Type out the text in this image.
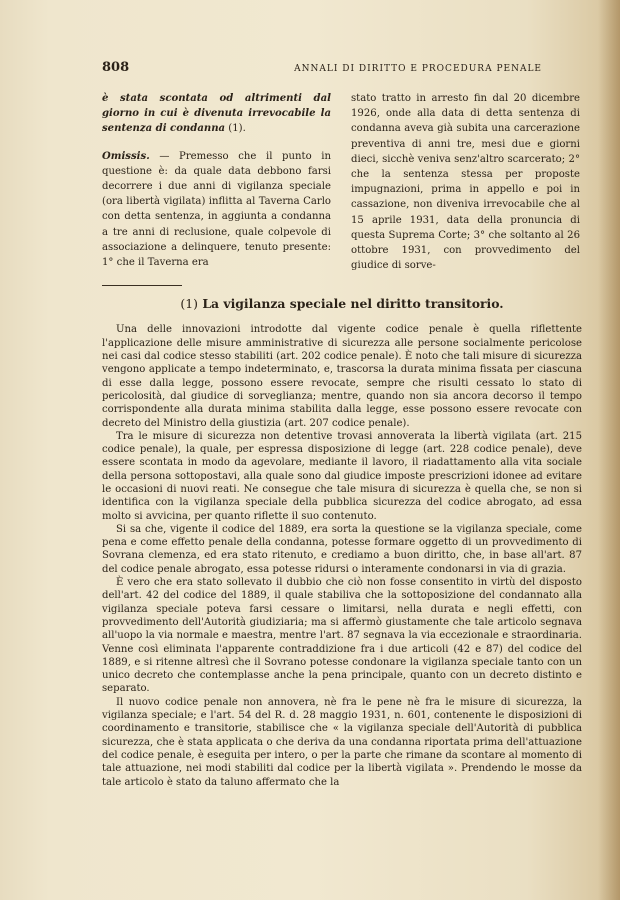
808	ANNALI DI DIRITTO E PROCEDURA PENALE

è stata scontata od altrimenti dal giorno in cui è divenuta irrevocabile la sentenza di condanna (1).

Omissis. — Premesso che il punto in questione è: da quale data debbono farsi decorrere i due anni di vigilanza speciale (ora libertà vigilata) inflitta al Taverna Carlo con detta sentenza, in aggiunta a condanna a tre anni di reclusione, quale colpevole di associazione a delinquere, tenuto presente: 1° che il Taverna era

stato tratto in arresto fin dal 20 dicembre 1926, onde alla data di detta sentenza di condanna aveva già subita una carcerazione preventiva di anni tre, mesi due e giorni dieci, sicchè veniva senz'altro scarcerato; 2° che la sentenza stessa per proposte impugnazioni, prima in appello e poi in cassazione, non diveniva irrevocabile che al 15 aprile 1931, data della pronuncia di questa Suprema Corte; 3° che soltanto al 26 ottobre 1931, con provvedimento del giudice di sorve-

(1) La vigilanza speciale nel diritto transitorio.

Una delle innovazioni introdotte dal vigente codice penale è quella riflettente l'applicazione delle misure amministrative di sicurezza alle persone socialmente pericolose nei casi dal codice stesso stabiliti (art. 202 codice penale). È noto che tali misure di sicurezza vengono applicate a tempo indeterminato, e, trascorsa la durata minima fissata per ciascuna di esse dalla legge, possono essere revocate, sempre che risulti cessato lo stato di pericolosità, dal giudice di sorveglianza; mentre, quando non sia ancora decorso il tempo corrispondente alla durata minima stabilita dalla legge, esse possono essere revocate con decreto del Ministro della giustizia (art. 207 codice penale).

Tra le misure di sicurezza non detentive trovasi annoverata la libertà vigilata (art. 215 codice penale), la quale, per espressa disposizione di legge (art. 228 codice penale), deve essere scontata in modo da agevolare, mediante il lavoro, il riadattamento alla vita sociale della persona sottopostavi, alla quale sono dal giudice imposte prescrizioni idonee ad evitare le occasioni di nuovi reati. Ne consegue che tale misura di sicurezza è quella che, se non si identifica con la vigilanza speciale della pubblica sicurezza del codice abrogato, ad essa molto si avvicina, per quanto riflette il suo contenuto.

Si sa che, vigente il codice del 1889, era sorta la questione se la vigilanza speciale, come pena e come effetto penale della condanna, potesse formare oggetto di un provvedimento di Sovrana clemenza, ed era stato ritenuto, e crediamo a buon diritto, che, in base all'art. 87 del codice penale abrogato, essa potesse ridursi o interamente condonarsi in via di grazia.

È vero che era stato sollevato il dubbio che ciò non fosse consentito in virtù del disposto dell'art. 42 del codice del 1889, il quale stabiliva che la sottoposizione del condannato alla vigilanza speciale poteva farsi cessare o limitarsi, nella durata e negli effetti, con provvedimento dell'Autorità giudiziaria; ma si affermò giustamente che tale articolo segnava all'uopo la via normale e maestra, mentre l'art. 87 segnava la via eccezionale e straordinaria. Venne così eliminata l'apparente contraddizione fra i due articoli (42 e 87) del codice del 1889, e si ritenne altresì che il Sovrano potesse condonare la vigilanza speciale tanto con un unico decreto che contemplasse anche la pena principale, quanto con un decreto distinto e separato.

Il nuovo codice penale non annovera, nè fra le pene nè fra le misure di sicurezza, la vigilanza speciale; e l'art. 54 del R. d. 28 maggio 1931, n. 601, contenente le disposizioni di coordinamento e transitorie, stabilisce che « la vigilanza speciale dell'Autorità di pubblica sicurezza, che è stata applicata o che deriva da una condanna riportata prima dell'attuazione del codice penale, è eseguita per intero, o per la parte che rimane da scontare al momento di tale attuazione, nei modi stabiliti dal codice per la libertà vigilata ». Prendendo le mosse da tale articolo è stato da taluno affermato che la
